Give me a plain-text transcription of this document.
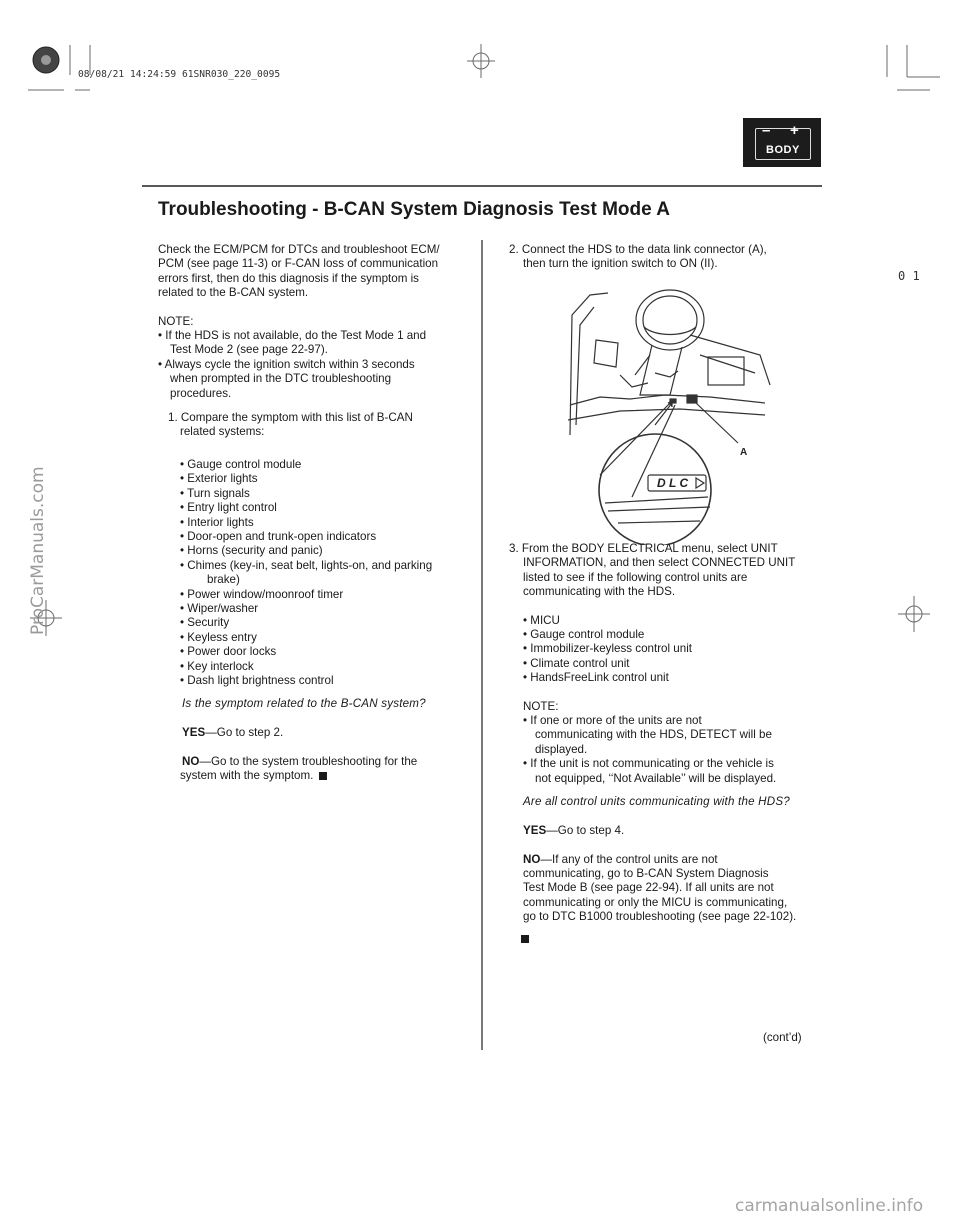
08/08/21 14:24:59 61SNR030_220_0095
– +
BODY
Troubleshooting - B-CAN System Diagnosis Test Mode A
0 1
ProCarManuals.com
Check the ECM/PCM for DTCs and troubleshoot ECM/
PCM (see page 11-3) or F-CAN loss of communication
errors first, then do this diagnosis if the symptom is
related to the B-CAN system.
NOTE:
• If the HDS is not available, do the Test Mode 1 and
Test Mode 2 (see page 22-97).
• Always cycle the ignition switch within 3 seconds
when prompted in the DTC troubleshooting
procedures.
1. Compare the symptom with this list of B-CAN
related systems:
• Gauge control module
• Exterior lights
• Turn signals
• Entry light control
• Interior lights
• Door-open and trunk-open indicators
• Horns (security and panic)
• Chimes (key-in, seat belt, lights-on, and parking
brake)
• Power window/moonroof timer
• Wiper/washer
• Security
• Keyless entry
• Power door locks
• Key interlock
• Dash light brightness control
Is the symptom related to the B-CAN system?
YES—Go to step 2.
NO—Go to the system troubleshooting for the
system with the symptom.
2. Connect the HDS to the data link connector (A),
then turn the ignition switch to ON (II).
D L C
A
3. From the BODY ELECTRICAL menu, select UNIT
INFORMATION, and then select CONNECTED UNIT
listed to see if the following control units are
communicating with the HDS.
• MICU
• Gauge control module
• Immobilizer-keyless control unit
• Climate control unit
• HandsFreeLink control unit
NOTE:
• If one or more of the units are not
communicating with the HDS, DETECT will be
displayed.
• If the unit is not communicating or the vehicle is
not equipped, ‘‘Not Available’’ will be displayed.
Are all control units communicating with the HDS?
YES—Go to step 4.
NO—If any of the control units are not
communicating, go to B-CAN System Diagnosis
Test Mode B (see page 22-94). If all units are not
communicating or only the MICU is communicating,
go to DTC B1000 troubleshooting (see page 22-102).
(cont’d)
carmanualsonline.info
